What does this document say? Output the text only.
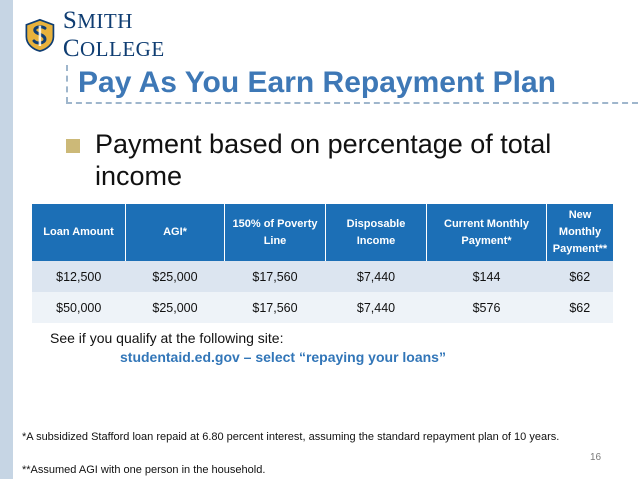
SMITH COLLEGE
Pay As You Earn Repayment Plan
Payment based on percentage of total income
Loan Amount	AGI*	150% of Poverty Line	Disposable Income	Current Monthly Payment*	New Monthly Payment**
$12,500	$25,000	$17,560	$7,440	$144	$62
$50,000	$25,000	$17,560	$7,440	$576	$62
See if you qualify at the following site:
studentaid.ed.gov – select “repaying your loans”
*A subsidized Stafford loan repaid at 6.80 percent interest, assuming the standard repayment plan of 10 years.
**Assumed AGI with one person in the household.
16
